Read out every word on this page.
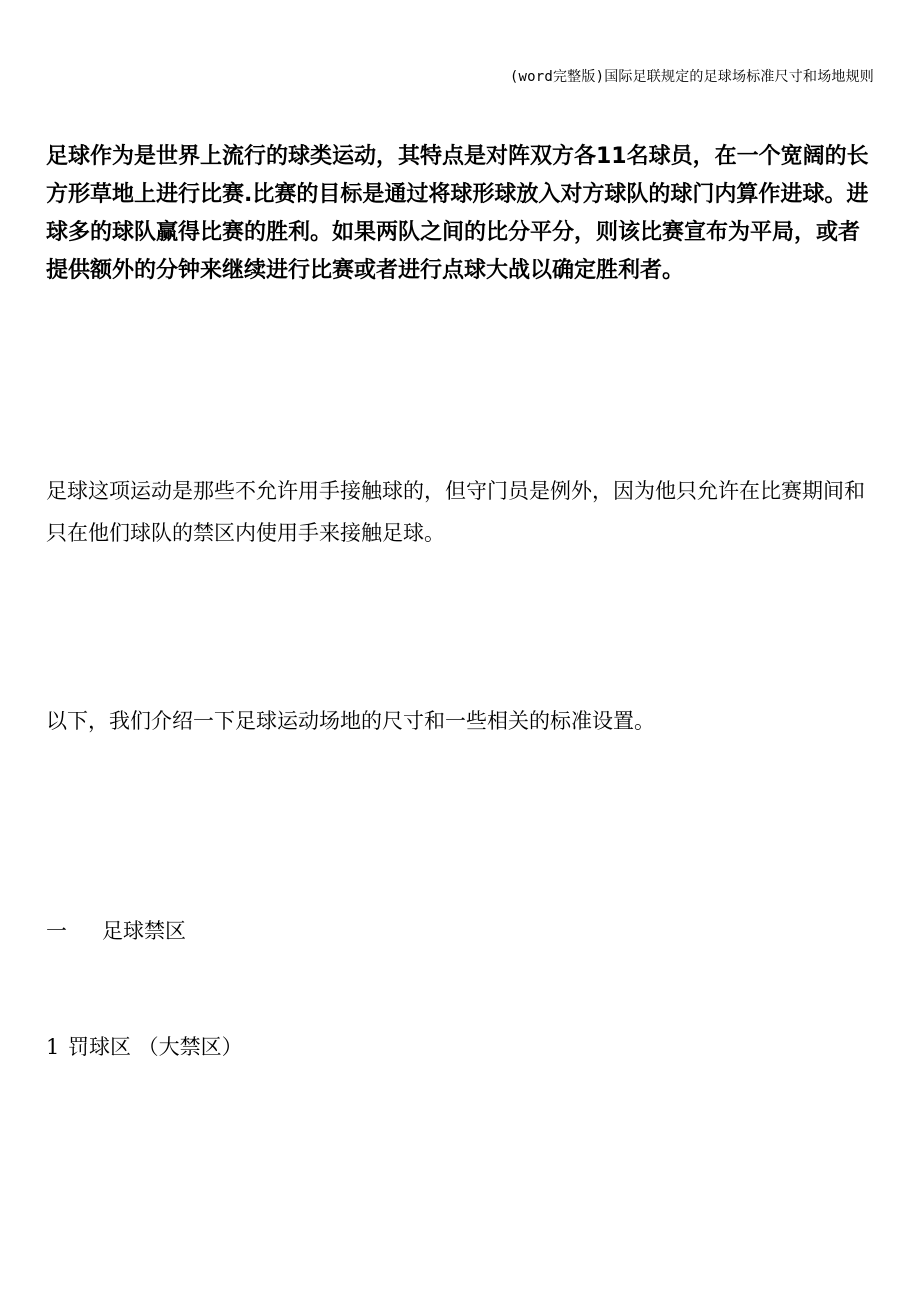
(word完整版)国际足联规定的足球场标准尺寸和场地规则

足球作为是世界上流行的球类运动，其特点是对阵双方各11名球员，在一个宽阔的长方形草地上进行比赛.比赛的目标是通过将球形球放入对方球队的球门内算作进球。进球多的球队赢得比赛的胜利。如果两队之间的比分平分，则该比赛宣布为平局，或者提供额外的分钟来继续进行比赛或者进行点球大战以确定胜利者。

足球这项运动是那些不允许用手接触球的，但守门员是例外，因为他只允许在比赛期间和只在他们球队的禁区内使用手来接触足球。

以下，我们介绍一下足球运动场地的尺寸和一些相关的标准设置。

一 足球禁区
1 罚球区 （大禁区）
